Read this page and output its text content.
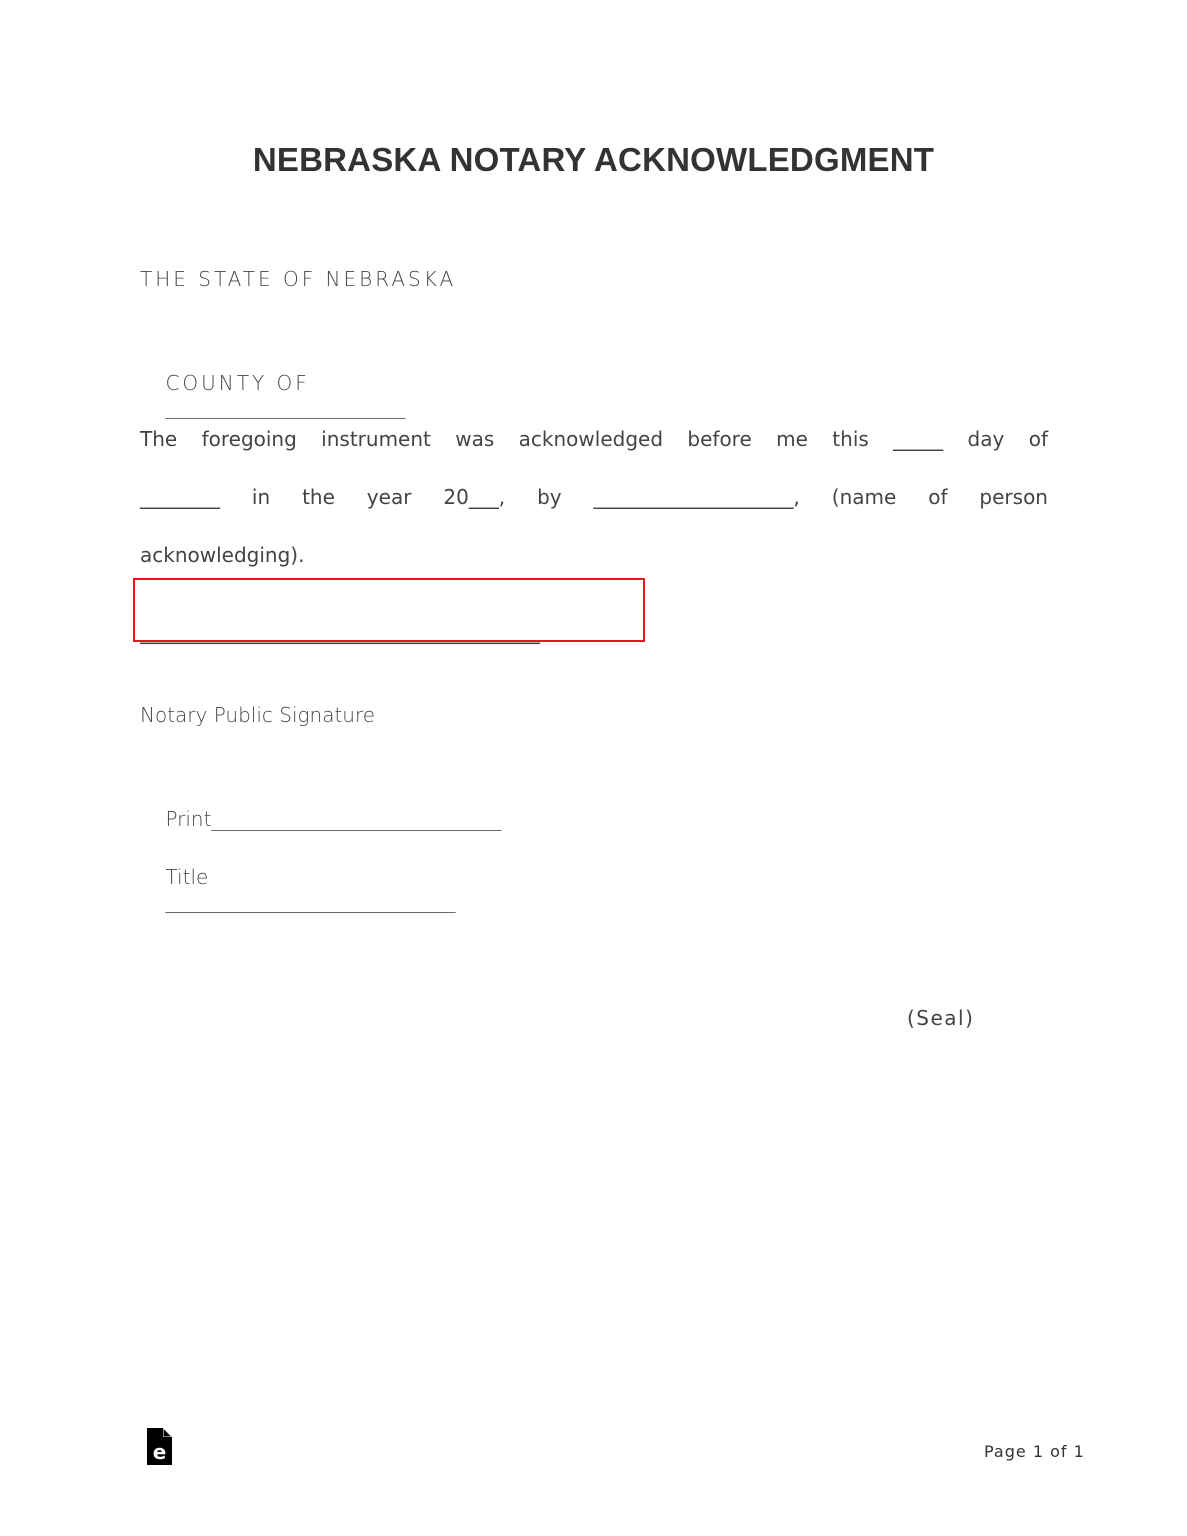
NEBRASKA NOTARY ACKNOWLEDGMENT
THE STATE OF NEBRASKA

COUNTY OF
________________________

The foregoing instrument was acknowledged before me this _____ day of
________ in the year 20___, by ____________________, (name of person
acknowledging).
________________________________________
Notary Public Signature

Print_____________________________

Title
_____________________________

(Seal)
e	Page 1 of 1
